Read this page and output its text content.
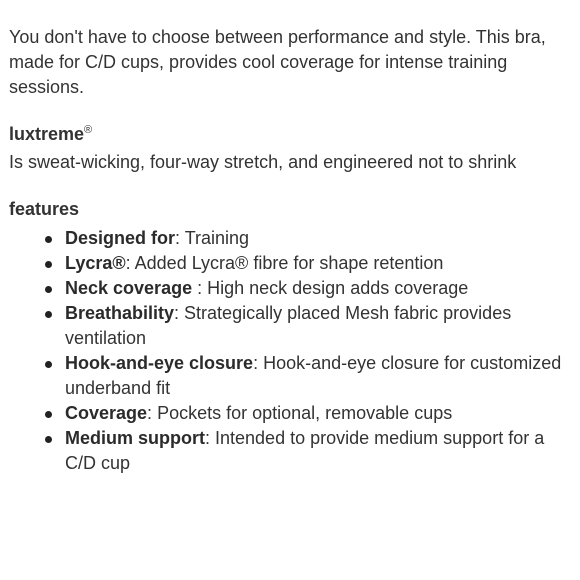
You don't have to choose between performance and style. This bra, made for C/D cups, provides cool coverage for intense training sessions.

luxtreme®

Is sweat-wicking, four-way stretch, and engineered not to shrink

features

Designed for: Training
Lycra®: Added Lycra® fibre for shape retention
Neck coverage : High neck design adds coverage
Breathability: Strategically placed Mesh fabric provides ventilation
Hook-and-eye closure: Hook-and-eye closure for customized underband fit
Coverage: Pockets for optional, removable cups
Medium support: Intended to provide medium support for a C/D cup
